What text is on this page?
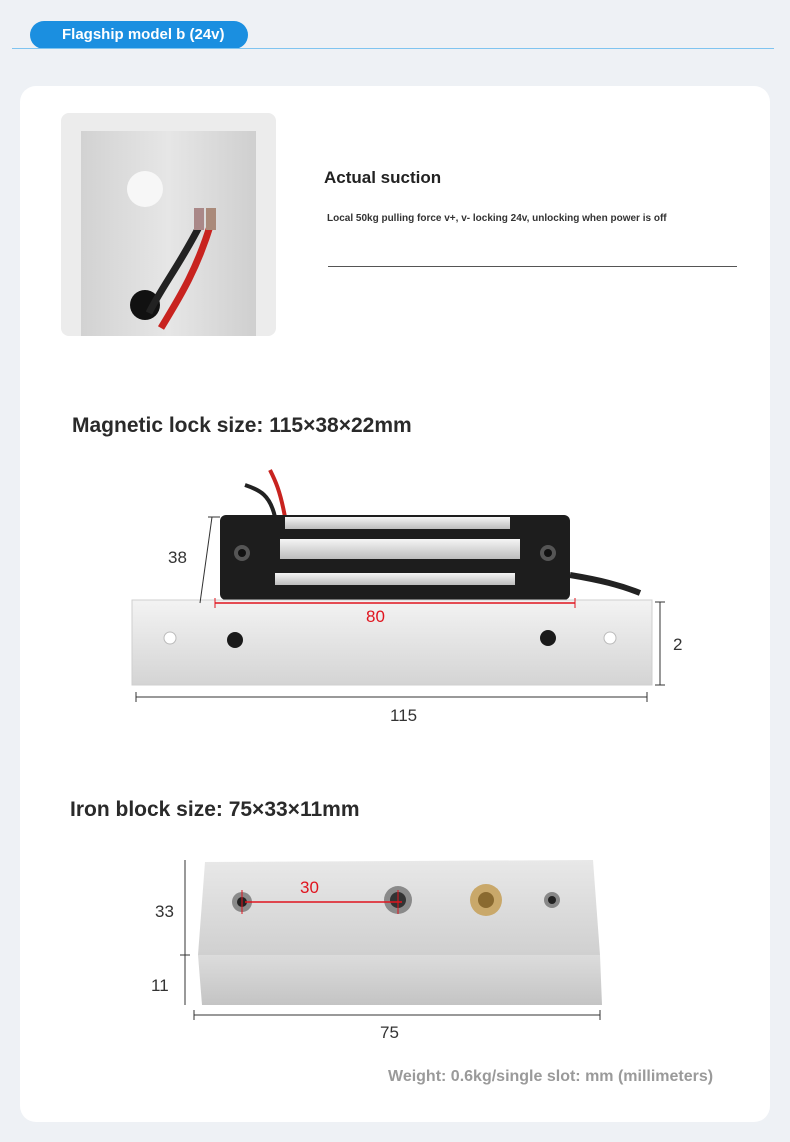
Flagship model b (24v)
Actual suction
Local 50kg pulling force v+, v- locking 24v, unlocking when power is off
Magnetic lock size: 115×38×22mm
38
80
2
115
Iron block size: 75×33×11mm
33
11
30
75
Weight: 0.6kg/single slot: mm (millimeters)
